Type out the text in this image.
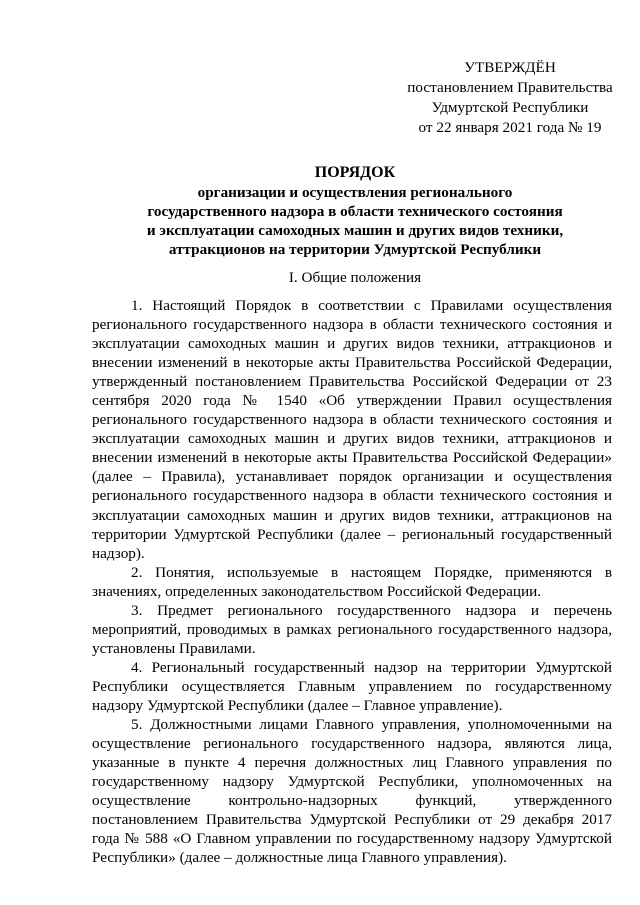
УТВЕРЖДЁН
постановлением Правительства
Удмуртской Республики
от 22 января 2021 года № 19
ПОРЯДОК
организации и осуществления регионального
государственного надзора в области технического состояния
и эксплуатации самоходных машин и других видов техники,
аттракционов на территории Удмуртской Республики
I. Общие положения

1. Настоящий Порядок в соответствии с Правилами осуществления регионального государственного надзора в области технического состояния и эксплуатации самоходных машин и других видов техники, аттракционов и внесении изменений в некоторые акты Правительства Российской Федерации, утвержденный постановлением Правительства Российской Федерации от 23 сентября 2020 года № 1540 «Об утверждении Правил осуществления регионального государственного надзора в области технического состояния и эксплуатации самоходных машин и других видов техники, аттракционов и внесении изменений в некоторые акты Правительства Российской Федерации» (далее – Правила), устанавливает порядок организации и осуществления регионального государственного надзора в области технического состояния и эксплуатации самоходных машин и других видов техники, аттракционов на территории Удмуртской Республики (далее – региональный государственный надзор).

2. Понятия, используемые в настоящем Порядке, применяются в значениях, определенных законодательством Российской Федерации.

3. Предмет регионального государственного надзора и перечень мероприятий, проводимых в рамках регионального государственного надзора, установлены Правилами.

4. Региональный государственный надзор на территории Удмуртской Республики осуществляется Главным управлением по государственному надзору Удмуртской Республики (далее – Главное управление).

5. Должностными лицами Главного управления, уполномоченными на осуществление регионального государственного надзора, являются лица, указанные в пункте 4 перечня должностных лиц Главного управления по государственному надзору Удмуртской Республики, уполномоченных на осуществление контрольно-надзорных функций, утвержденного постановлением Правительства Удмуртской Республики от 29 декабря 2017 года № 588 «О Главном управлении по государственному надзору Удмуртской Республики» (далее – должностные лица Главного управления).
